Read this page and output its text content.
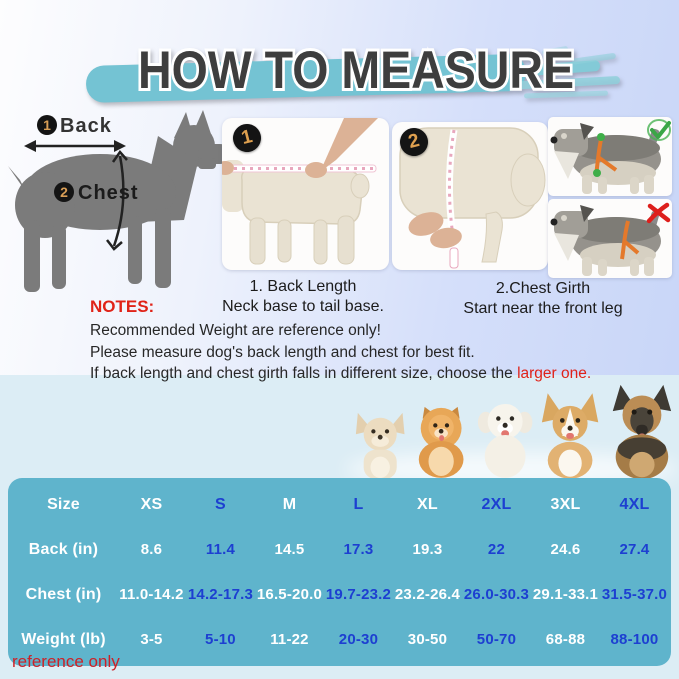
HOW TO MEASURE
1 Back
2 Chest
1	2
1. Back Length
Neck base to tail base.
2.Chest Girth
Start near the front leg
NOTES:
Recommended Weight are reference only!
Please measure dog's back length and chest for best fit.
If back length and chest girth falls in different size, choose the larger one.
Size	XS	S	M	L	XL	2XL	3XL	4XL
Back (in)	8.6	11.4	14.5	17.3	19.3	22	24.6	27.4
Chest (in)	11.0-14.2 14.2-17.3 16.5-20.0 19.7-23.2 23.2-26.4 26.0-30.3 29.1-33.1 31.5-37.0
Weight (lb)	3-5	5-10	11-22	20-30	30-50	50-70	68-88	88-100
reference only
